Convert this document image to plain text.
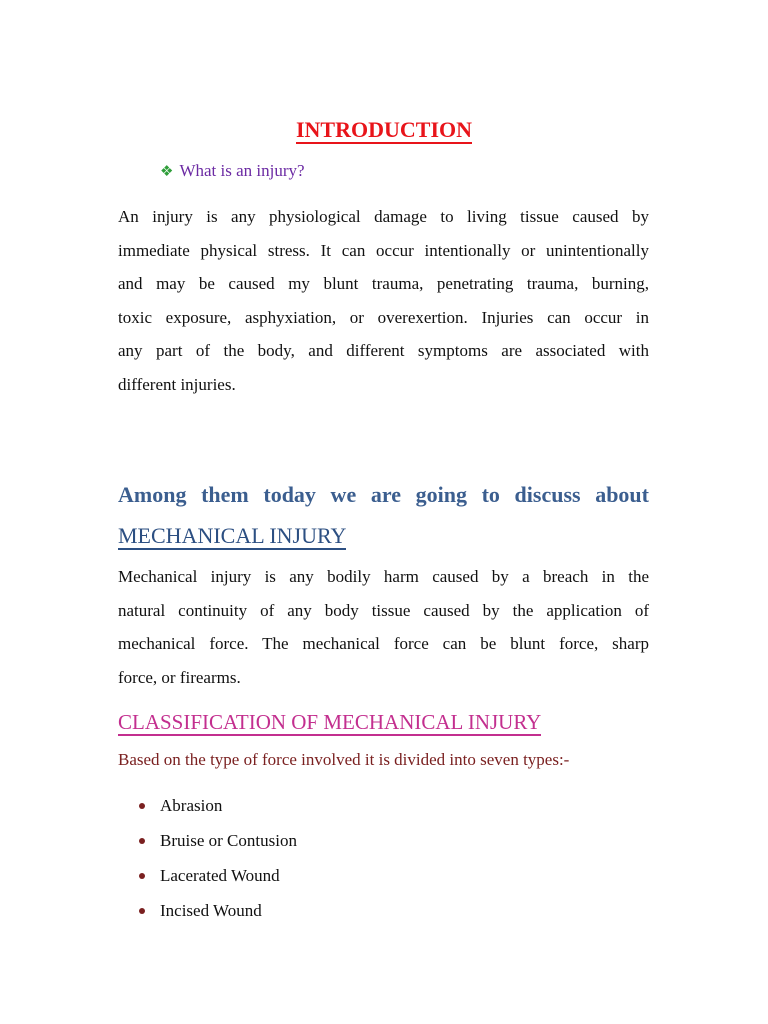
INTRODUCTION
❖ What is an injury?
An injury is any physiological damage to living tissue caused by
immediate physical stress. It can occur intentionally or unintentionally
and may be caused my blunt trauma, penetrating trauma, burning,
toxic exposure, asphyxiation, or overexertion. Injuries can occur in
any part of the body, and different symptoms are associated with
different injuries.
Among them today we are going to discuss about
MECHANICAL INJURY
Mechanical injury is any bodily harm caused by a breach in the
natural continuity of any body tissue caused by the application of
mechanical force. The mechanical force can be blunt force, sharp
force, or firearms.
CLASSIFICATION OF MECHANICAL INJURY
Based on the type of force involved it is divided into seven types:-
Abrasion
Bruise or Contusion
Lacerated Wound
Incised Wound
